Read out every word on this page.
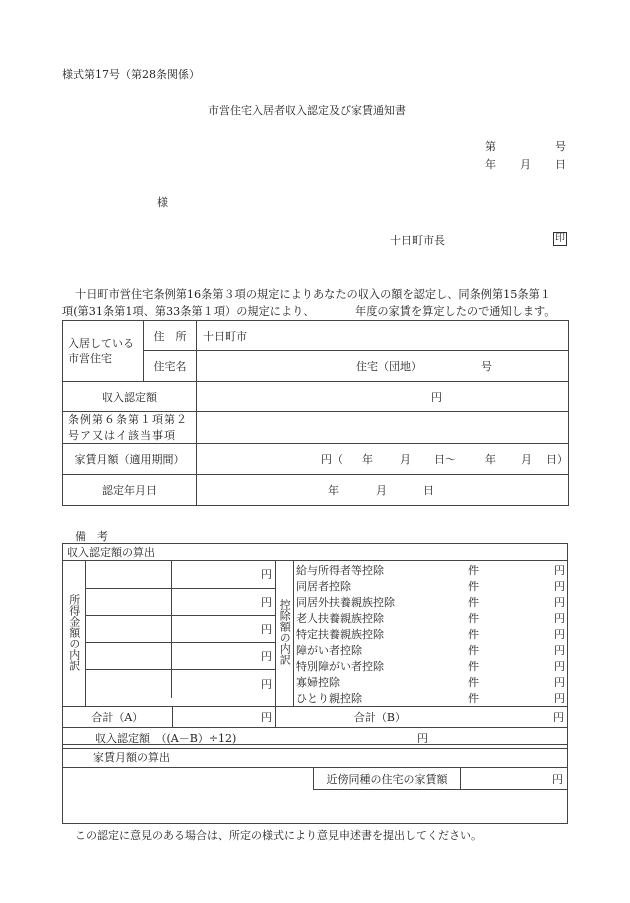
様式第17号（第28条関係）
市営住宅入居者収入認定及び家賃通知書
第	号
年 月 日
様
十日町市長	印
十日町市営住宅条例第16条第３項の規定によりあなたの収入の額を認定し、同条例第15条第１
項(第31条第1項、第33条第１項）の規定により、	年度の家賃を算定したので通知します。
入居している市営住宅	住　所	十日町市
	住宅名	住宅（団地） 号
収入認定額		円

条例第６条第１項第２号ア又はイ該当事項		

家賃月額（適用期間）		円（ 年 月 日〜 年 月 日）
認定年月日		年 月 日
備　考
収入認定額の算出
所得金額の内訳	
	円
	円
	円
	円
	円
	控除額の内訳	
給与所得者等控除	件	円
同居者控除	件	円
同居外扶養親族控除	件	円
老人扶養親族控除	件	円
特定扶養親族控除	件	円
障がい者控除	件	円
特別障がい者控除	件	円
寡婦控除	件	円
ひとり親控除	件	円

合計（A）	円	合計（B）	円
収入認定額　（(A－B）÷12)	円
家賃月額の算出
近傍同種の住宅の家賃額	円
この認定に意見のある場合は、所定の様式により意見申述書を提出してください。
